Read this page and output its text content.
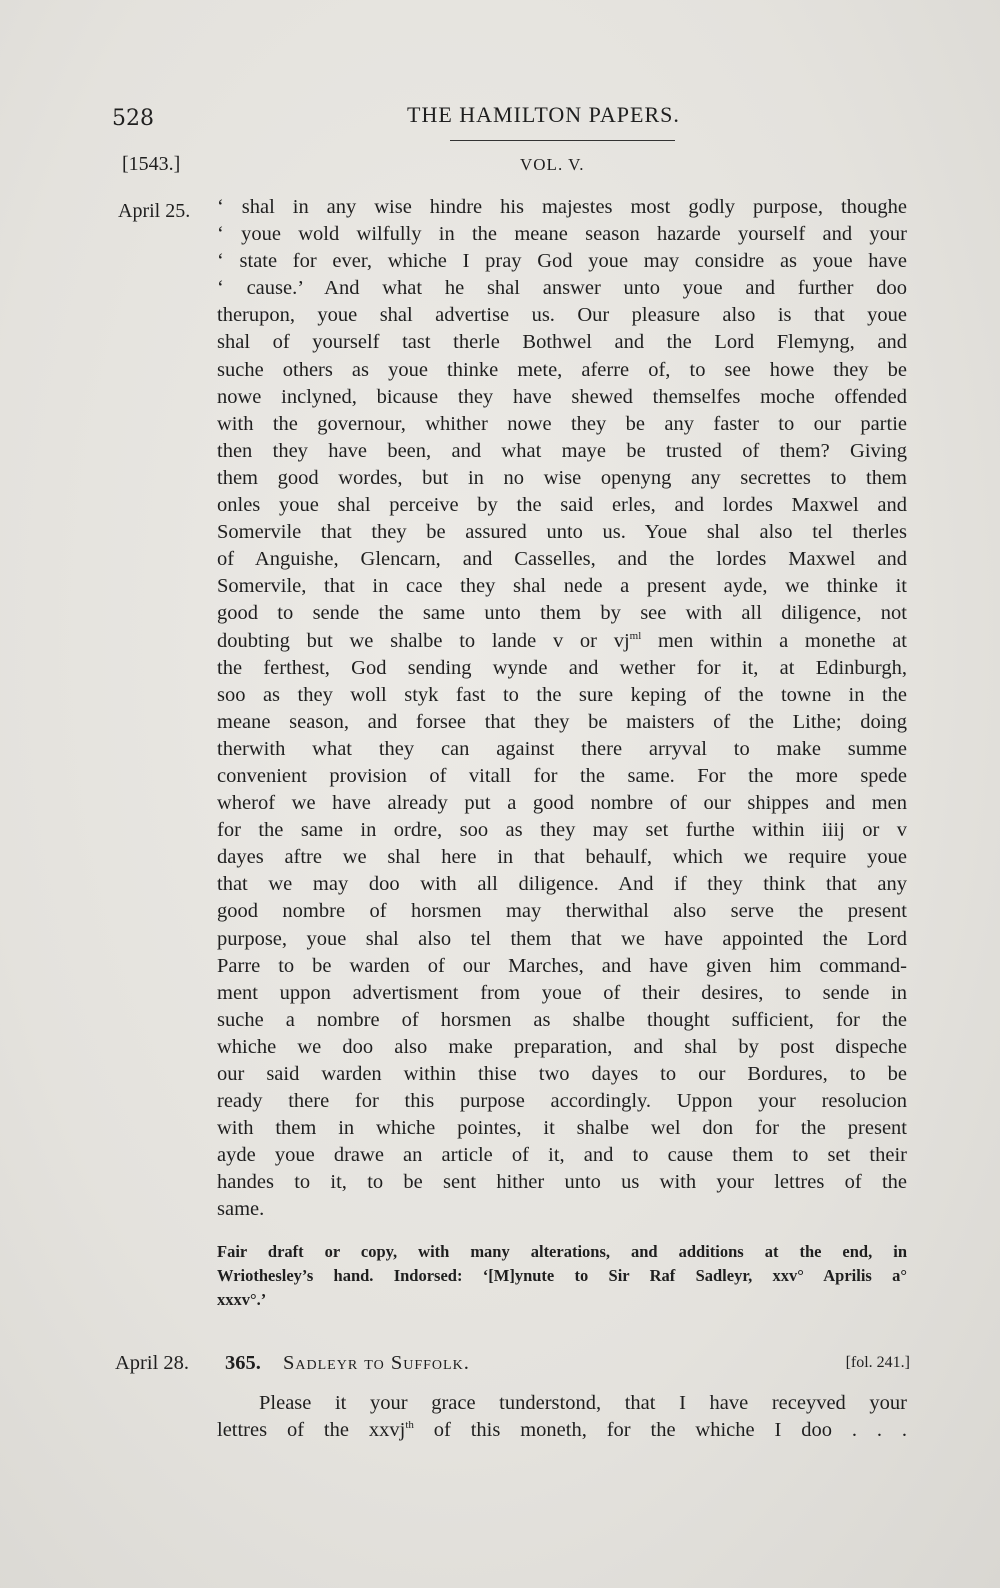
528	THE HAMILTON PAPERS.
[1543.]	VOL. V.
April 25. ‘ shal in any wise hindre his majestes most godly purpose, thoughe
‘ youe wold wilfully in the meane season hazarde yourself and your
‘ state for ever, whiche I pray God youe may considre as youe have
‘ cause.’ And what he shal answer unto youe and further doo
therupon, youe shal advertise us. Our pleasure also is that youe
shal of yourself tast therle Bothwel and the Lord Flemyng, and
suche others as youe thinke mete, aferre of, to see howe they be
nowe inclyned, bicause they have shewed themselfes moche offended
with the governour, whither nowe they be any faster to our partie
then they have been, and what maye be trusted of them? Giving
them good wordes, but in no wise openyng any secrettes to them
onles youe shal perceive by the said erles, and lordes Maxwel and
Somervile that they be assured unto us. Youe shal also tel therles
of Anguishe, Glencarn, and Casselles, and the lordes Maxwel and
Somervile, that in cace they shal nede a present ayde, we thinke it
good to sende the same unto them by see with all diligence, not
doubting but we shalbe to lande v or $vj^{ml}$ men within a monethe at
the ferthest, God sending wynde and wether for it, at Edinburgh,
soo as they woll styk fast to the sure keping of the towne in the
meane season, and forsee that they be maisters of the Lithe; doing
therwith what they can against there arryval to make summe
convenient provision of vitall for the same. For the more spede
wherof we have already put a good nombre of our shippes and men
for the same in ordre, soo as they may set furthe within iiij or v
dayes aftre we shal here in that behaulf, which we require youe
that we may doo with all diligence. And if they think that any
good nombre of horsmen may therwithal also serve the present
purpose, youe shal also tel them that we have appointed the Lord
Parre to be warden of our Marches, and have given him command-
ment uppon advertisment from youe of their desires, to sende in
suche a nombre of horsmen as shalbe thought sufficient, for the
whiche we doo also make preparation, and shal by post dispeche
our said warden within thise two dayes to our Bordures, to be
ready there for this purpose accordingly. Uppon your resolucion
with them in whiche pointes, it shalbe wel don for the present
ayde youe drawe an article of it, and to cause them to set their
handes to it, to be sent hither unto us with your lettres of the
same.
Fair draft or copy, with many alterations, and additions at the end, in
Wriothesley’s hand. Indorsed: ‘[M]ynute to Sir Raf Sadleyr, xxv° Aprilis a°
xxxv°.’
April 28. 365. Sadleyr to Suffolk.	[fol. 241.]
Please it your grace tunderstond, that I have receyved your
lettres of the xxvj$^{th}$ of this moneth, for the whiche I doo . . .
